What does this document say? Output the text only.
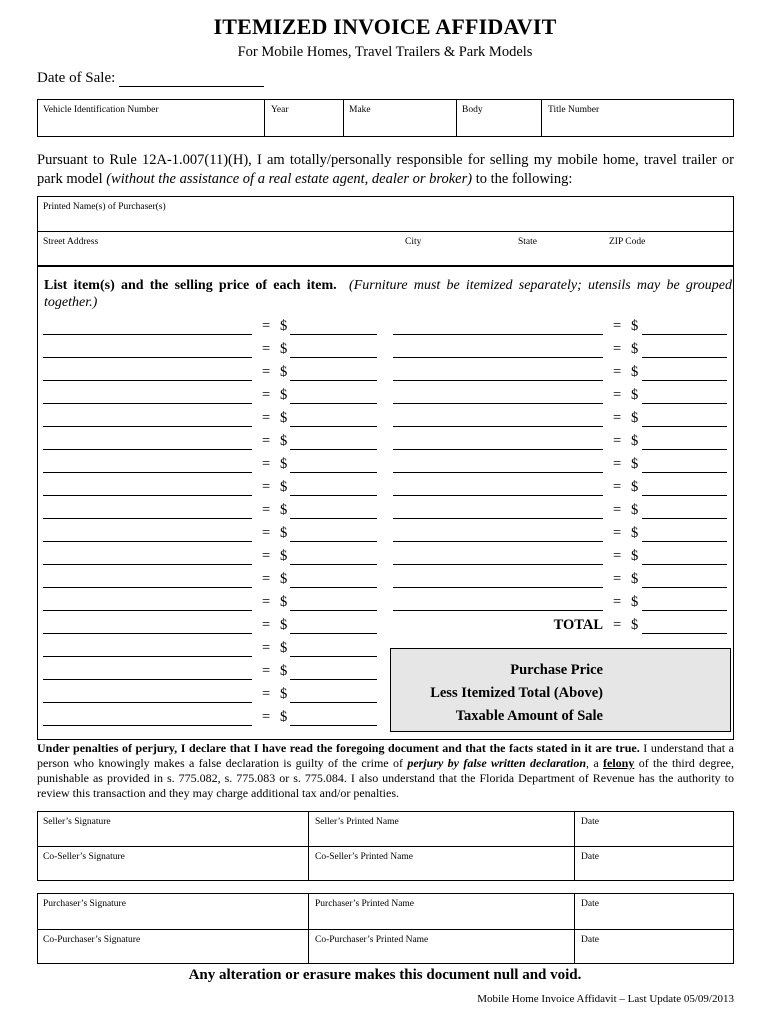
ITEMIZED INVOICE AFFIDAVIT
For Mobile Homes, Travel Trailers & Park Models
Date of Sale:
Vehicle Identification Number	Year	Make	Body	Title Number
Pursuant to Rule 12A-1.007(11)(H), I am totally/personally responsible for selling my mobile home, travel trailer or park model (without the assistance of a real estate agent, dealer or broker) to the following:
Printed Name(s) of Purchaser(s)
Street Address	City	State	ZIP Code
List item(s) and the selling price of each item. (Furniture must be itemized separately; utensils may be grouped together.)
= $
= $
= $
= $
= $
= $
= $
= $
= $
= $
= $
= $
= $
= $
= $
= $
= $
= $
= $
= $
= $
= $
= $
= $
= $
= $
= $
= $
= $
= $
= $
= $
TOTAL
Purchase Price
Less Itemized Total (Above)
Taxable Amount of Sale
Under penalties of perjury, I declare that I have read the foregoing document and that the facts stated in it are true. I understand that a person who knowingly makes a false declaration is guilty of the crime of perjury by false written declaration, a felony of the third degree, punishable as provided in s. 775.082, s. 775.083 or s. 775.084. I also understand that the Florida Department of Revenue has the authority to review this transaction and they may charge additional tax and/or penalties.
Seller’s Signature	Seller’s Printed Name	Date
Co-Seller’s Signature	Co-Seller’s Printed Name	Date
Purchaser’s Signature	Purchaser’s Printed Name	Date
Co-Purchaser’s Signature	Co-Purchaser’s Printed Name	Date
Any alteration or erasure makes this document null and void.
Mobile Home Invoice Affidavit – Last Update 05/09/2013
